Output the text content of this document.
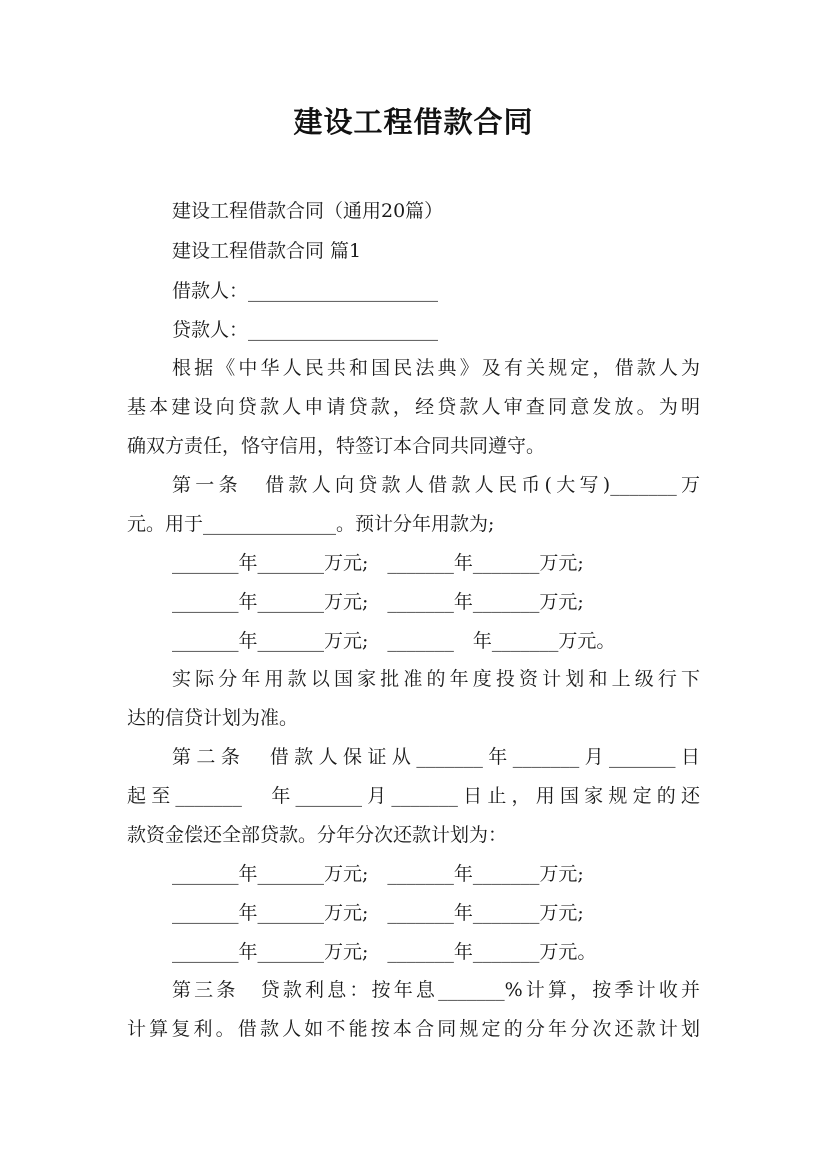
建设工程借款合同
建设工程借款合同（通用20篇）
建设工程借款合同 篇1
借款人：____________________
贷款人：____________________
根据《中华人民共和国民法典》及有关规定，借款人为
基本建设向贷款人申请贷款，经贷款人审查同意发放。为明
确双方责任，恪守信用，特签订本合同共同遵守。
第一条　借款人向贷款人借款人民币(大写)_______万
元。用于______________。预计分年用款为;
_______年_______万元;　_______年_______万元;
_______年_______万元;　_______年_______万元;
_______年_______万元;　_______　年_______万元。
实际分年用款以国家批准的年度投资计划和上级行下
达的信贷计划为准。
第二条　借款人保证从_______年_______月_______日
起至_______　年_______月_______日止，用国家规定的还
款资金偿还全部贷款。分年分次还款计划为：
_______年_______万元;　_______年_______万元;
_______年_______万元;　_______年_______万元;
_______年_______万元;　_______年_______万元。
第三条　贷款利息：按年息_______%计算，按季计收并
计算复利。借款人如不能按本合同规定的分年分次还款计划
